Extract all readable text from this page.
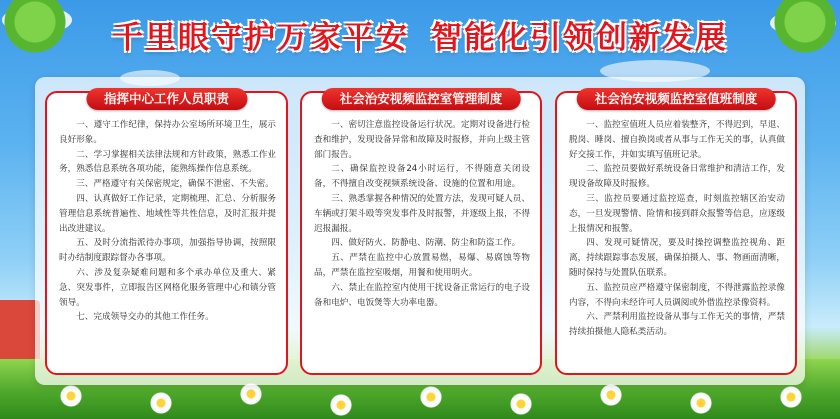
千里眼守护万家平安 智能化引领创新发展
指挥中心工作人员职责

一、遵守工作纪律，保持办公室场所环境卫生，展示良好形象。

二、学习掌握相关法律法规和方针政策，熟悉工作业务，熟悉信息系统各项功能，能熟练操作信息系统。

三、严格遵守有关保密规定，确保不泄密、不失密。

四、认真做好工作记录，定期梳理、汇总、分析服务管理信息系统普遍性、地域性等共性信息，及时汇报并提出改进建议。

五、及时分流指派待办事项，加强指导协调，按照限时办结制度跟踪督办各事项。

六、涉及复杂疑难问题和多个承办单位及重大、紧急、突发事件，立即报告区网格化服务管理中心和镇分管领导。

七、完成领导交办的其他工作任务。

社会治安视频监控室管理制度

一、密切注意监控设备运行状况。定期对设备进行检查和维护，发现设备异常和故障及时报修，并向上级主管部门报告。

二、确保监控设备24小时运行，不得随意关闭设备，不得擅自改变视频系统设备、设施的位置和用途。

三、熟悉掌握各种情况的处置方法，发现可疑人员、车辆或打架斗殴等突发事件及时报警，并逐级上报，不得迟报漏报。

四、做好防火、防静电、防潮、防尘和防盗工作。

五、严禁在监控中心放置易燃，易爆、易腐蚀等物品，严禁在监控室吸烟，用餐和使用明火。

六、禁止在监控室内使用干扰设备正常运行的电子设备和电炉、电饭煲等大功率电器。

社会治安视频监控室值班制度

一、监控室值班人员应着装整齐，不得迟到，早退、脱岗、睡岗、擅自换岗或者从事与工作无关的事，认真做好交接工作，并如实填写值班记录。

二、监控员要做好系统设备日常维护和清洁工作，发现设备故障及时报修。

三、监控员要通过监控巡查，时刻监控辖区治安动态，一旦发现警情、险情和接到群众报警等信息，应逐级上报情况和报警。

四、发现可疑情况，要及时操控调整监控视角、距离，持续跟踪事态发展，确保拍摄人、事、物画面清晰，随时保持与处置队伍联系。

五、监控员应严格遵守保密制度，不得泄露监控录像内容，不得向未经许可人员调阅或外借监控录像资料。

六、严禁利用监控设备从事与工作无关的事情，严禁持续拍摄他人隐私类活动。
